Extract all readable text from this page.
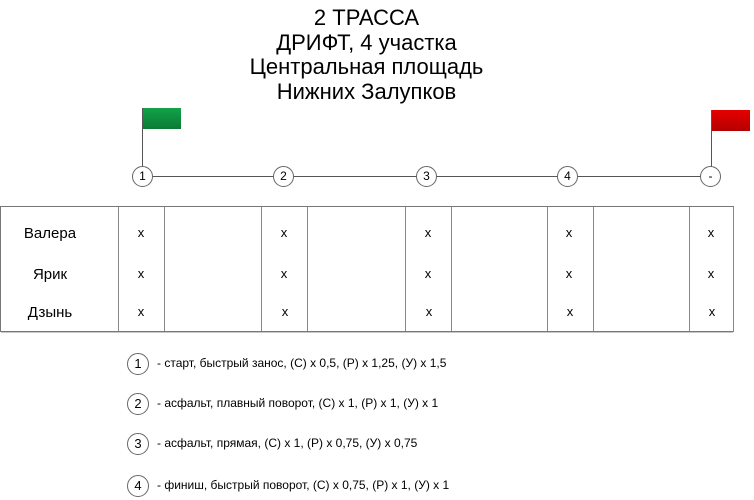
2 ТРАССА
ДРИФТ, 4 участка
Центральная площадь
Нижних Залупков
1	2	3	4	-
Валера	x	x	x	x	x
Ярик	x	x	x	x	x
Дзынь	x	x	x	x	x
1	- старт, быстрый занос, (С) х 0,5, (Р) х 1,25, (У) х 1,5
2	- асфальт, плавный поворот, (С) х 1, (Р) х 1, (У) х 1
3	- асфальт, прямая, (С) х 1, (Р) х 0,75, (У) х 0,75
4	- финиш, быстрый поворот, (С) х 0,75, (Р) х 1, (У) х 1
